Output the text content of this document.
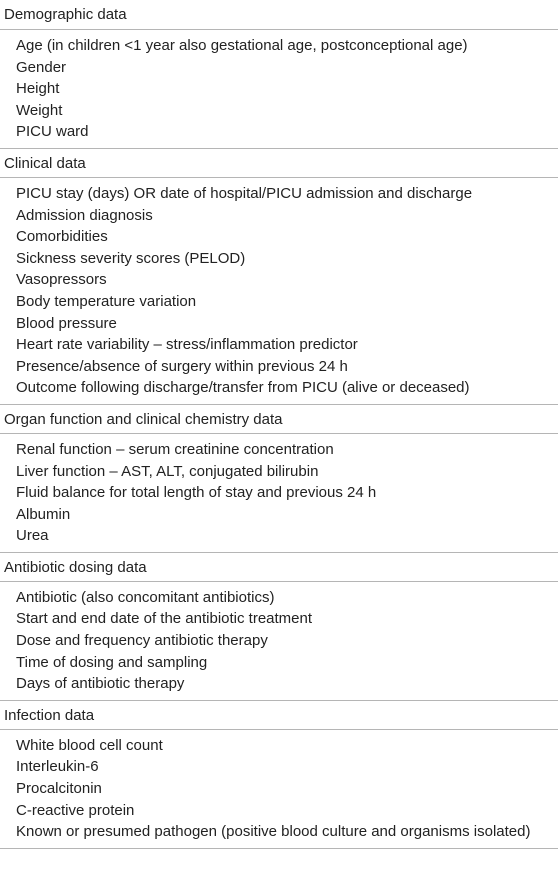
Demographic data
Age (in children <1 year also gestational age, postconceptional age)
Gender
Height
Weight
PICU ward
Clinical data
PICU stay (days) OR date of hospital/PICU admission and discharge
Admission diagnosis
Comorbidities
Sickness severity scores (PELOD)
Vasopressors
Body temperature variation
Blood pressure
Heart rate variability – stress/inflammation predictor
Presence/absence of surgery within previous 24 h
Outcome following discharge/transfer from PICU (alive or deceased)
Organ function and clinical chemistry data
Renal function – serum creatinine concentration
Liver function – AST, ALT, conjugated bilirubin
Fluid balance for total length of stay and previous 24 h
Albumin
Urea
Antibiotic dosing data
Antibiotic (also concomitant antibiotics)
Start and end date of the antibiotic treatment
Dose and frequency antibiotic therapy
Time of dosing and sampling
Days of antibiotic therapy
Infection data
White blood cell count
Interleukin-6
Procalcitonin
C-reactive protein
Known or presumed pathogen (positive blood culture and organisms isolated)
